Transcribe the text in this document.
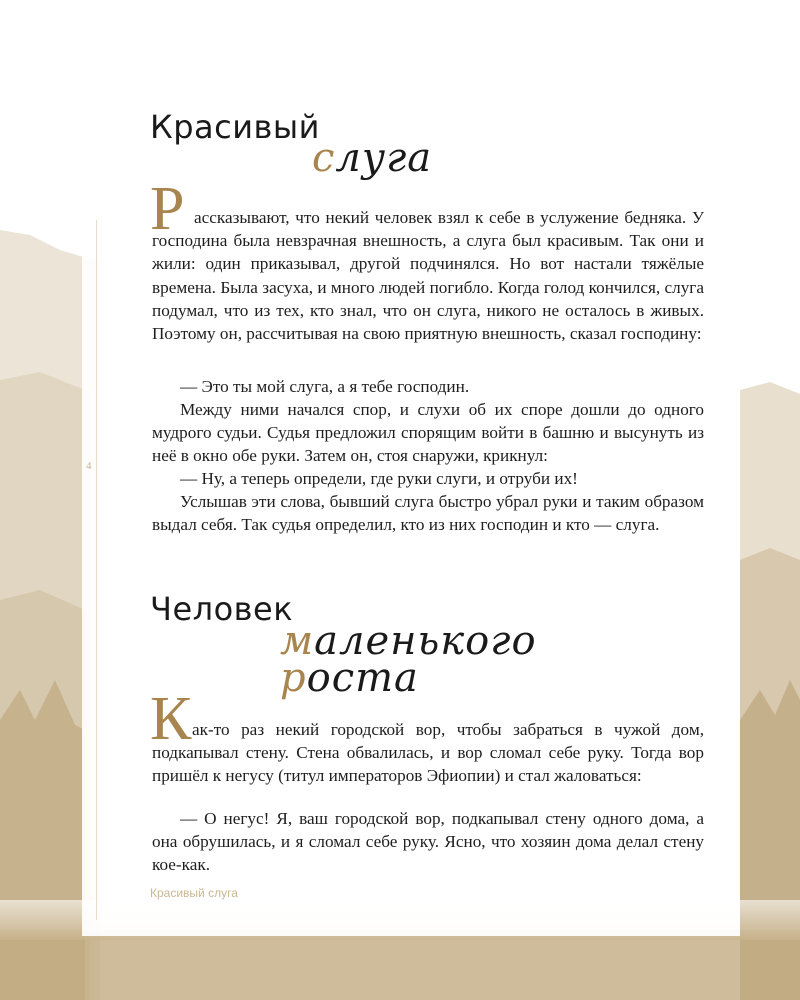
4
Красивый
слуга
Р ассказывают, что некий человек взял к себе в услужение бедняка. У господина была невзрачная внешность, а слуга был красивым. Так они и жили: один приказывал, другой подчинялся. Но вот настали тяжёлые времена. Была засуха, и много людей погибло. Когда голод кончился, слуга подумал, что из тех, кто знал, что он слуга, никого не осталось в живых. Поэтому он, рассчитывая на свою приятную внешность, сказал господину:

— Это ты мой слуга, а я тебе господин.

Между ними начался спор, и слухи об их споре дошли до одного мудрого судьи. Судья предложил спорящим войти в башню и высунуть из неё в окно обе руки. Затем он, стоя снаружи, крикнул:

— Ну, а теперь определи, где руки слуги, и отруби их!

Услышав эти слова, бывший слуга быстро убрал руки и таким образом выдал себя. Так судья определил, кто из них господин и кто — слуга.

Человек
маленького
роста
К ак-то раз некий городской вор, чтобы забраться в чужой дом, подкапывал стену. Стена обвалилась, и вор сломал себе руку. Тогда вор пришёл к негусу (титул императоров Эфиопии) и стал жаловаться:

— О негус! Я, ваш городской вор, подкапывал стену одного дома, а она обрушилась, и я сломал себе руку. Ясно, что хозяин дома делал стену кое-как.

Красивый слуга
